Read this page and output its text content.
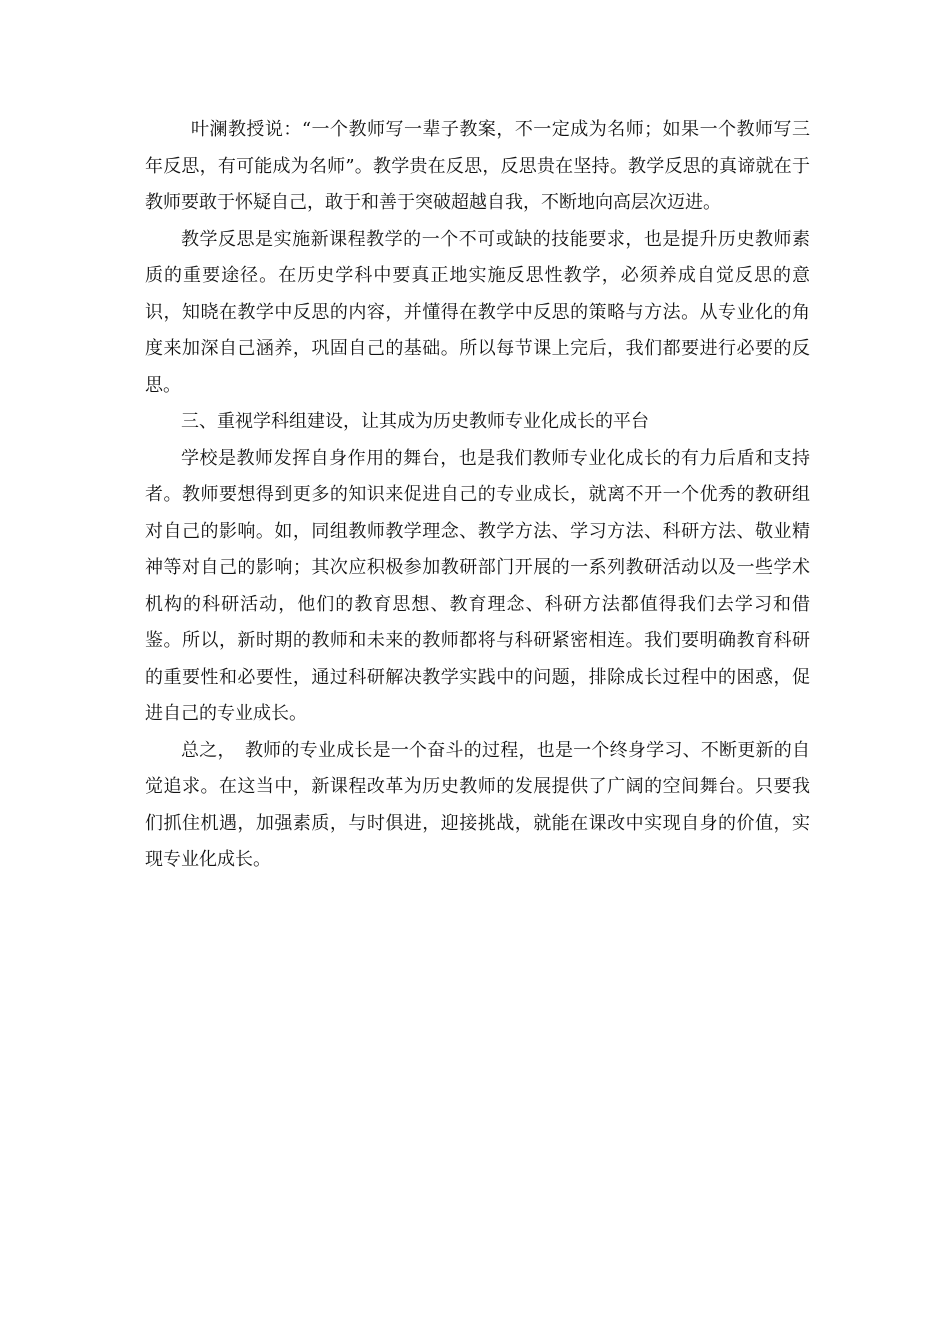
叶澜教授说：“一个教师写一辈子教案，不一定成为名师；如果一个教师写三年反思，有可能成为名师”。教学贵在反思，反思贵在坚持。教学反思的真谛就在于教师要敢于怀疑自己，敢于和善于突破超越自我，不断地向高层次迈进。

教学反思是实施新课程教学的一个不可或缺的技能要求，也是提升历史教师素质的重要途径。在历史学科中要真正地实施反思性教学，必须养成自觉反思的意识，知晓在教学中反思的内容，并懂得在教学中反思的策略与方法。从专业化的角度来加深自己涵养，巩固自己的基础。所以每节课上完后，我们都要进行必要的反思。

三、重视学科组建设，让其成为历史教师专业化成长的平台

学校是教师发挥自身作用的舞台，也是我们教师专业化成长的有力后盾和支持者。教师要想得到更多的知识来促进自己的专业成长，就离不开一个优秀的教研组对自己的影响。如，同组教师教学理念、教学方法、学习方法、科研方法、敬业精神等对自己的影响；其次应积极参加教研部门开展的一系列教研活动以及一些学术机构的科研活动，他们的教育思想、教育理念、科研方法都值得我们去学习和借鉴。所以，新时期的教师和未来的教师都将与科研紧密相连。我们要明确教育科研的重要性和必要性，通过科研解决教学实践中的问题，排除成长过程中的困惑，促进自己的专业成长。

总之，　教师的专业成长是一个奋斗的过程，也是一个终身学习、不断更新的自觉追求。在这当中，新课程改革为历史教师的发展提供了广阔的空间舞台。只要我们抓住机遇，加强素质，与时俱进，迎接挑战，就能在课改中实现自身的价值，实现专业化成长。
